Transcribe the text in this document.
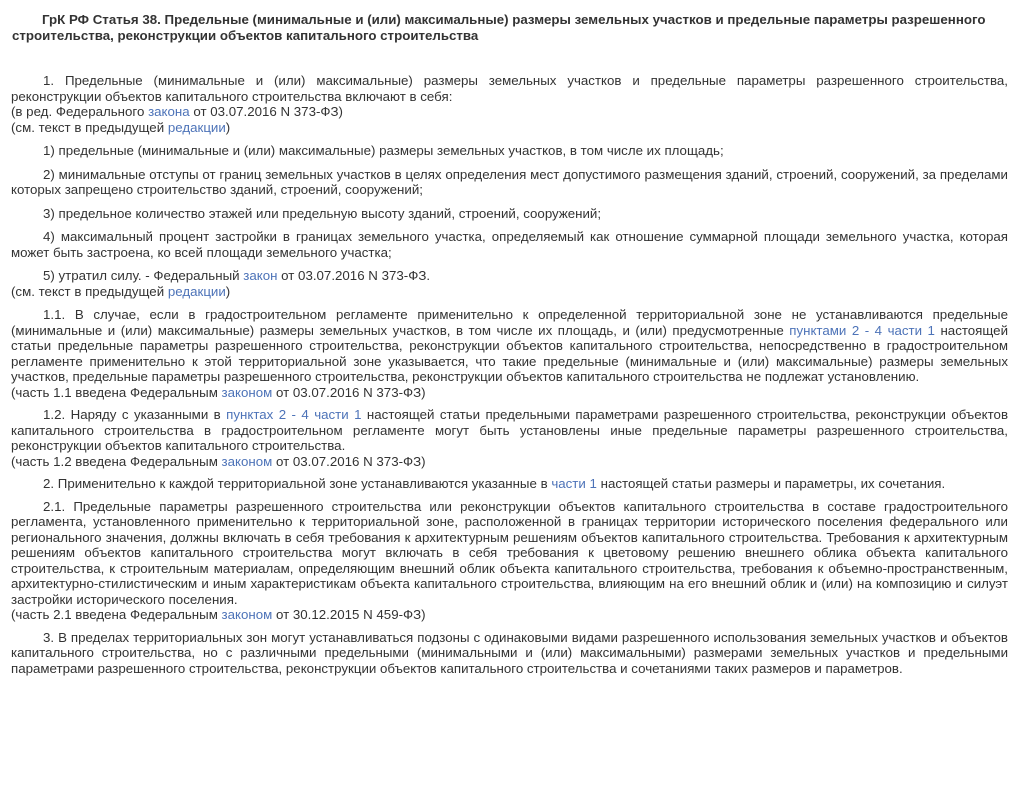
ГрК РФ Статья 38. Предельные (минимальные и (или) максимальные) размеры земельных участков и предельные параметры разрешенного строительства, реконструкции объектов капитального строительства

1. Предельные (минимальные и (или) максимальные) размеры земельных участков и предельные параметры разрешенного строительства, реконструкции объектов капитального строительства включают в себя:

(в ред. Федерального закона от 03.07.2016 N 373-ФЗ)

(см. текст в предыдущей редакции)

1) предельные (минимальные и (или) максимальные) размеры земельных участков, в том числе их площадь;

2) минимальные отступы от границ земельных участков в целях определения мест допустимого размещения зданий, строений, сооружений, за пределами которых запрещено строительство зданий, строений, сооружений;

3) предельное количество этажей или предельную высоту зданий, строений, сооружений;

4) максимальный процент застройки в границах земельного участка, определяемый как отношение суммарной площади земельного участка, которая может быть застроена, ко всей площади земельного участка;

5) утратил силу. - Федеральный закон от 03.07.2016 N 373-ФЗ.

(см. текст в предыдущей редакции)

1.1. В случае, если в градостроительном регламенте применительно к определенной территориальной зоне не устанавливаются предельные (минимальные и (или) максимальные) размеры земельных участков, в том числе их площадь, и (или) предусмотренные пунктами 2 - 4 части 1 настоящей статьи предельные параметры разрешенного строительства, реконструкции объектов капитального строительства, непосредственно в градостроительном регламенте применительно к этой территориальной зоне указывается, что такие предельные (минимальные и (или) максимальные) размеры земельных участков, предельные параметры разрешенного строительства, реконструкции объектов капитального строительства не подлежат установлению.

(часть 1.1 введена Федеральным законом от 03.07.2016 N 373-ФЗ)

1.2. Наряду с указанными в пунктах 2 - 4 части 1 настоящей статьи предельными параметрами разрешенного строительства, реконструкции объектов капитального строительства в градостроительном регламенте могут быть установлены иные предельные параметры разрешенного строительства, реконструкции объектов капитального строительства.

(часть 1.2 введена Федеральным законом от 03.07.2016 N 373-ФЗ)

2. Применительно к каждой территориальной зоне устанавливаются указанные в части 1 настоящей статьи размеры и параметры, их сочетания.

2.1. Предельные параметры разрешенного строительства или реконструкции объектов капитального строительства в составе градостроительного регламента, установленного применительно к территориальной зоне, расположенной в границах территории исторического поселения федерального или регионального значения, должны включать в себя требования к архитектурным решениям объектов капитального строительства. Требования к архитектурным решениям объектов капитального строительства могут включать в себя требования к цветовому решению внешнего облика объекта капитального строительства, к строительным материалам, определяющим внешний облик объекта капитального строительства, требования к объемно-пространственным, архитектурно-стилистическим и иным характеристикам объекта капитального строительства, влияющим на его внешний облик и (или) на композицию и силуэт застройки исторического поселения.

(часть 2.1 введена Федеральным законом от 30.12.2015 N 459-ФЗ)

3. В пределах территориальных зон могут устанавливаться подзоны с одинаковыми видами разрешенного использования земельных участков и объектов капитального строительства, но с различными предельными (минимальными и (или) максимальными) размерами земельных участков и предельными параметрами разрешенного строительства, реконструкции объектов капитального строительства и сочетаниями таких размеров и параметров.
